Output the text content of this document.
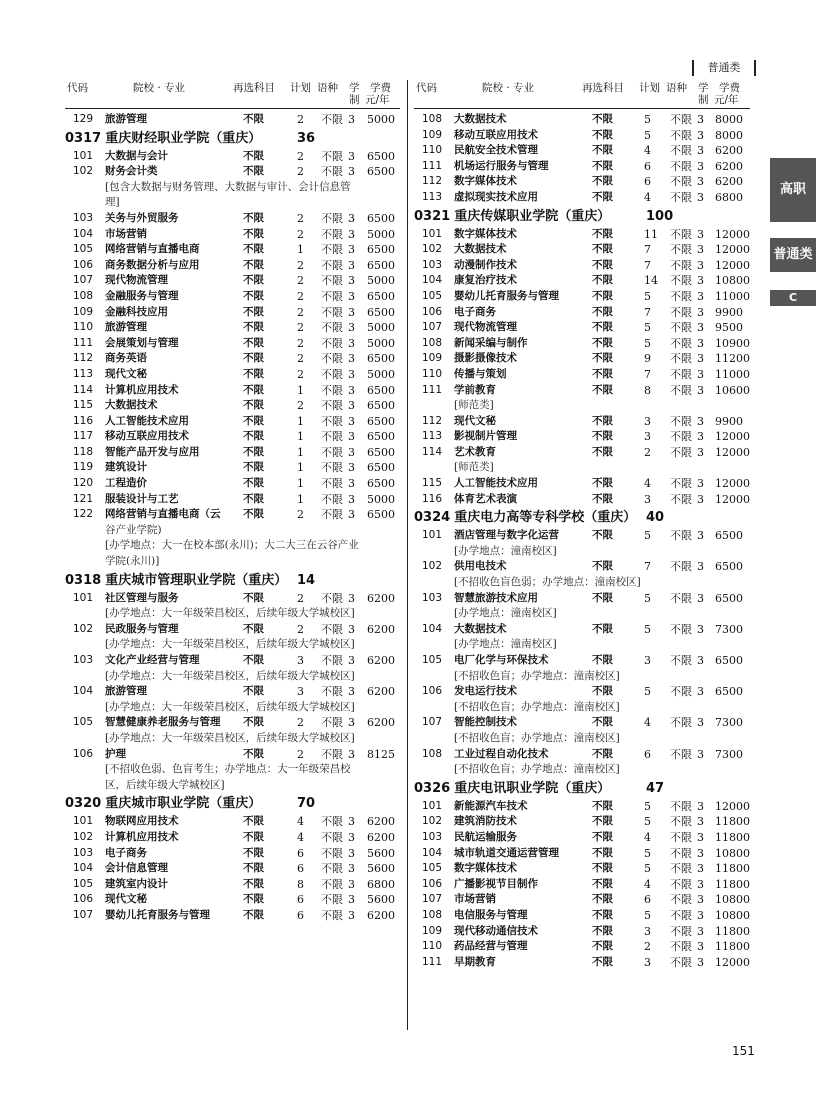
普通类
代码	院校 · 专业	再选科目 计划 语种 学
制
学费
元/年
代码	院校 · 专业	再选科目 计划 语种 学
制
学费
元/年
129 旅游管理	不限	2 不限 3 5000
0317 重庆财经职业学院（重庆）	36
101 大数据与会计	不限	2 不限 3 6500
102 财务会计类	不限	2 不限 3 6500
[包含大数据与财务管理、大数据与审计、会计信息管理]
103 关务与外贸服务	不限	2 不限 3 6500
104 市场营销	不限	2 不限 3 5000
105 网络营销与直播电商	不限	1 不限 3 6500
106 商务数据分析与应用	不限	2 不限 3 6500
107 现代物流管理	不限	2 不限 3 5000
108 金融服务与管理	不限	2 不限 3 6500
109 金融科技应用	不限	2 不限 3 6500
110 旅游管理	不限	2 不限 3 5000
111 会展策划与管理	不限	2 不限 3 5000
112 商务英语	不限	2 不限 3 6500
113 现代文秘	不限	2 不限 3 5000
114 计算机应用技术	不限	1 不限 3 6500
115 大数据技术	不限	2 不限 3 6500
116 人工智能技术应用	不限	1 不限 3 6500
117 移动互联应用技术	不限	1 不限 3 6500
118 智能产品开发与应用	不限	1 不限 3 6500
119 建筑设计	不限	1 不限 3 6500
120 工程造价	不限	1 不限 3 6500
121 服装设计与工艺	不限	1 不限 3 5000
122 网络营销与直播电商（云 不限	2 不限 3 6500
谷产业学院)
[办学地点：大一在校本部(永川)；大二大三在云谷产业学院(永川)]
0318 重庆城市管理职业学院（重庆） 14
101 社区管理与服务	不限	2 不限 3 6200
[办学地点：大一年级荣昌校区，后续年级大学城校区]
102 民政服务与管理	不限	2 不限 3 6200
[办学地点：大一年级荣昌校区，后续年级大学城校区]
103 文化产业经营与管理	不限	3 不限 3 6200
[办学地点：大一年级荣昌校区，后续年级大学城校区]
104 旅游管理	不限	3 不限 3 6200
[办学地点：大一年级荣昌校区，后续年级大学城校区]
105 智慧健康养老服务与管理 不限	2 不限 3 6200
[办学地点：大一年级荣昌校区，后续年级大学城校区]
106 护理	不限	2 不限 3 8125
[不招收色弱、色盲考生；办学地点：大一年级荣昌校区，后续年级大学城校区]
0320 重庆城市职业学院（重庆）	70
101 物联网应用技术	不限	4 不限 3 6200
102 计算机应用技术	不限	4 不限 3 6200
103 电子商务	不限	6 不限 3 5600
104 会计信息管理	不限	6 不限 3 5600
105 建筑室内设计	不限	8 不限 3 6800
106 现代文秘	不限	6 不限 3 5600
107 婴幼儿托育服务与管理	不限	6 不限 3 6200
108 大数据技术	不限	5 不限 3 8000
109 移动互联应用技术	不限	5 不限 3 8000
110 民航安全技术管理	不限	4 不限 3 6200
111 机场运行服务与管理	不限	6 不限 3 6200
112 数字媒体技术	不限	6 不限 3 6200
113 虚拟现实技术应用	不限	4 不限 3 6800
0321 重庆传媒职业学院（重庆）	100
101 数字媒体技术	不限	11 不限 3 12000
102 大数据技术	不限	7 不限 3 12000
103 动漫制作技术	不限	7 不限 3 12000
104 康复治疗技术	不限	14 不限 3 10800
105 婴幼儿托育服务与管理	不限	5 不限 3 11000
106 电子商务	不限	7 不限 3 9900
107 现代物流管理	不限	5 不限 3 9500
108 新闻采编与制作	不限	5 不限 3 10900
109 摄影摄像技术	不限	9 不限 3 11200
110 传播与策划	不限	7 不限 3 11000
111 学前教育	不限	8 不限 3 10600
[师范类]
112 现代文秘	不限	3 不限 3 9900
113 影视制片管理	不限	3 不限 3 12000
114 艺术教育	不限	2 不限 3 12000
[师范类]
115 人工智能技术应用	不限	4 不限 3 12000
116 体育艺术表演	不限	3 不限 3 12000
0324 重庆电力高等专科学校（重庆） 40
101 酒店管理与数字化运营	不限	5 不限 3 6500
[办学地点：潼南校区]
102 供用电技术	不限	7 不限 3 6500
[不招收色盲色弱；办学地点：潼南校区]
103 智慧旅游技术应用	不限	5 不限 3 6500
[办学地点：潼南校区]
104 大数据技术	不限	5 不限 3 7300
[办学地点：潼南校区]
105 电厂化学与环保技术	不限	3 不限 3 6500
[不招收色盲；办学地点：潼南校区]
106 发电运行技术	不限	5 不限 3 6500
[不招收色盲；办学地点：潼南校区]
107 智能控制技术	不限	4 不限 3 7300
[不招收色盲；办学地点：潼南校区]
108 工业过程自动化技术	不限	6 不限 3 7300
[不招收色盲；办学地点：潼南校区]
0326 重庆电讯职业学院（重庆）	47
101 新能源汽车技术	不限	5 不限 3 12000
102 建筑消防技术	不限	5 不限 3 11800
103 民航运输服务	不限	4 不限 3 11800
104 城市轨道交通运营管理	不限	5 不限 3 10800
105 数字媒体技术	不限	5 不限 3 11800
106 广播影视节目制作	不限	4 不限 3 11800
107 市场营销	不限	6 不限 3 10800
108 电信服务与管理	不限	5 不限 3 10800
109 现代移动通信技术	不限	3 不限 3 11800
110 药品经营与管理	不限	2 不限 3 11800
111 早期教育	不限	3 不限 3 12000
高职
普通类
C
151
